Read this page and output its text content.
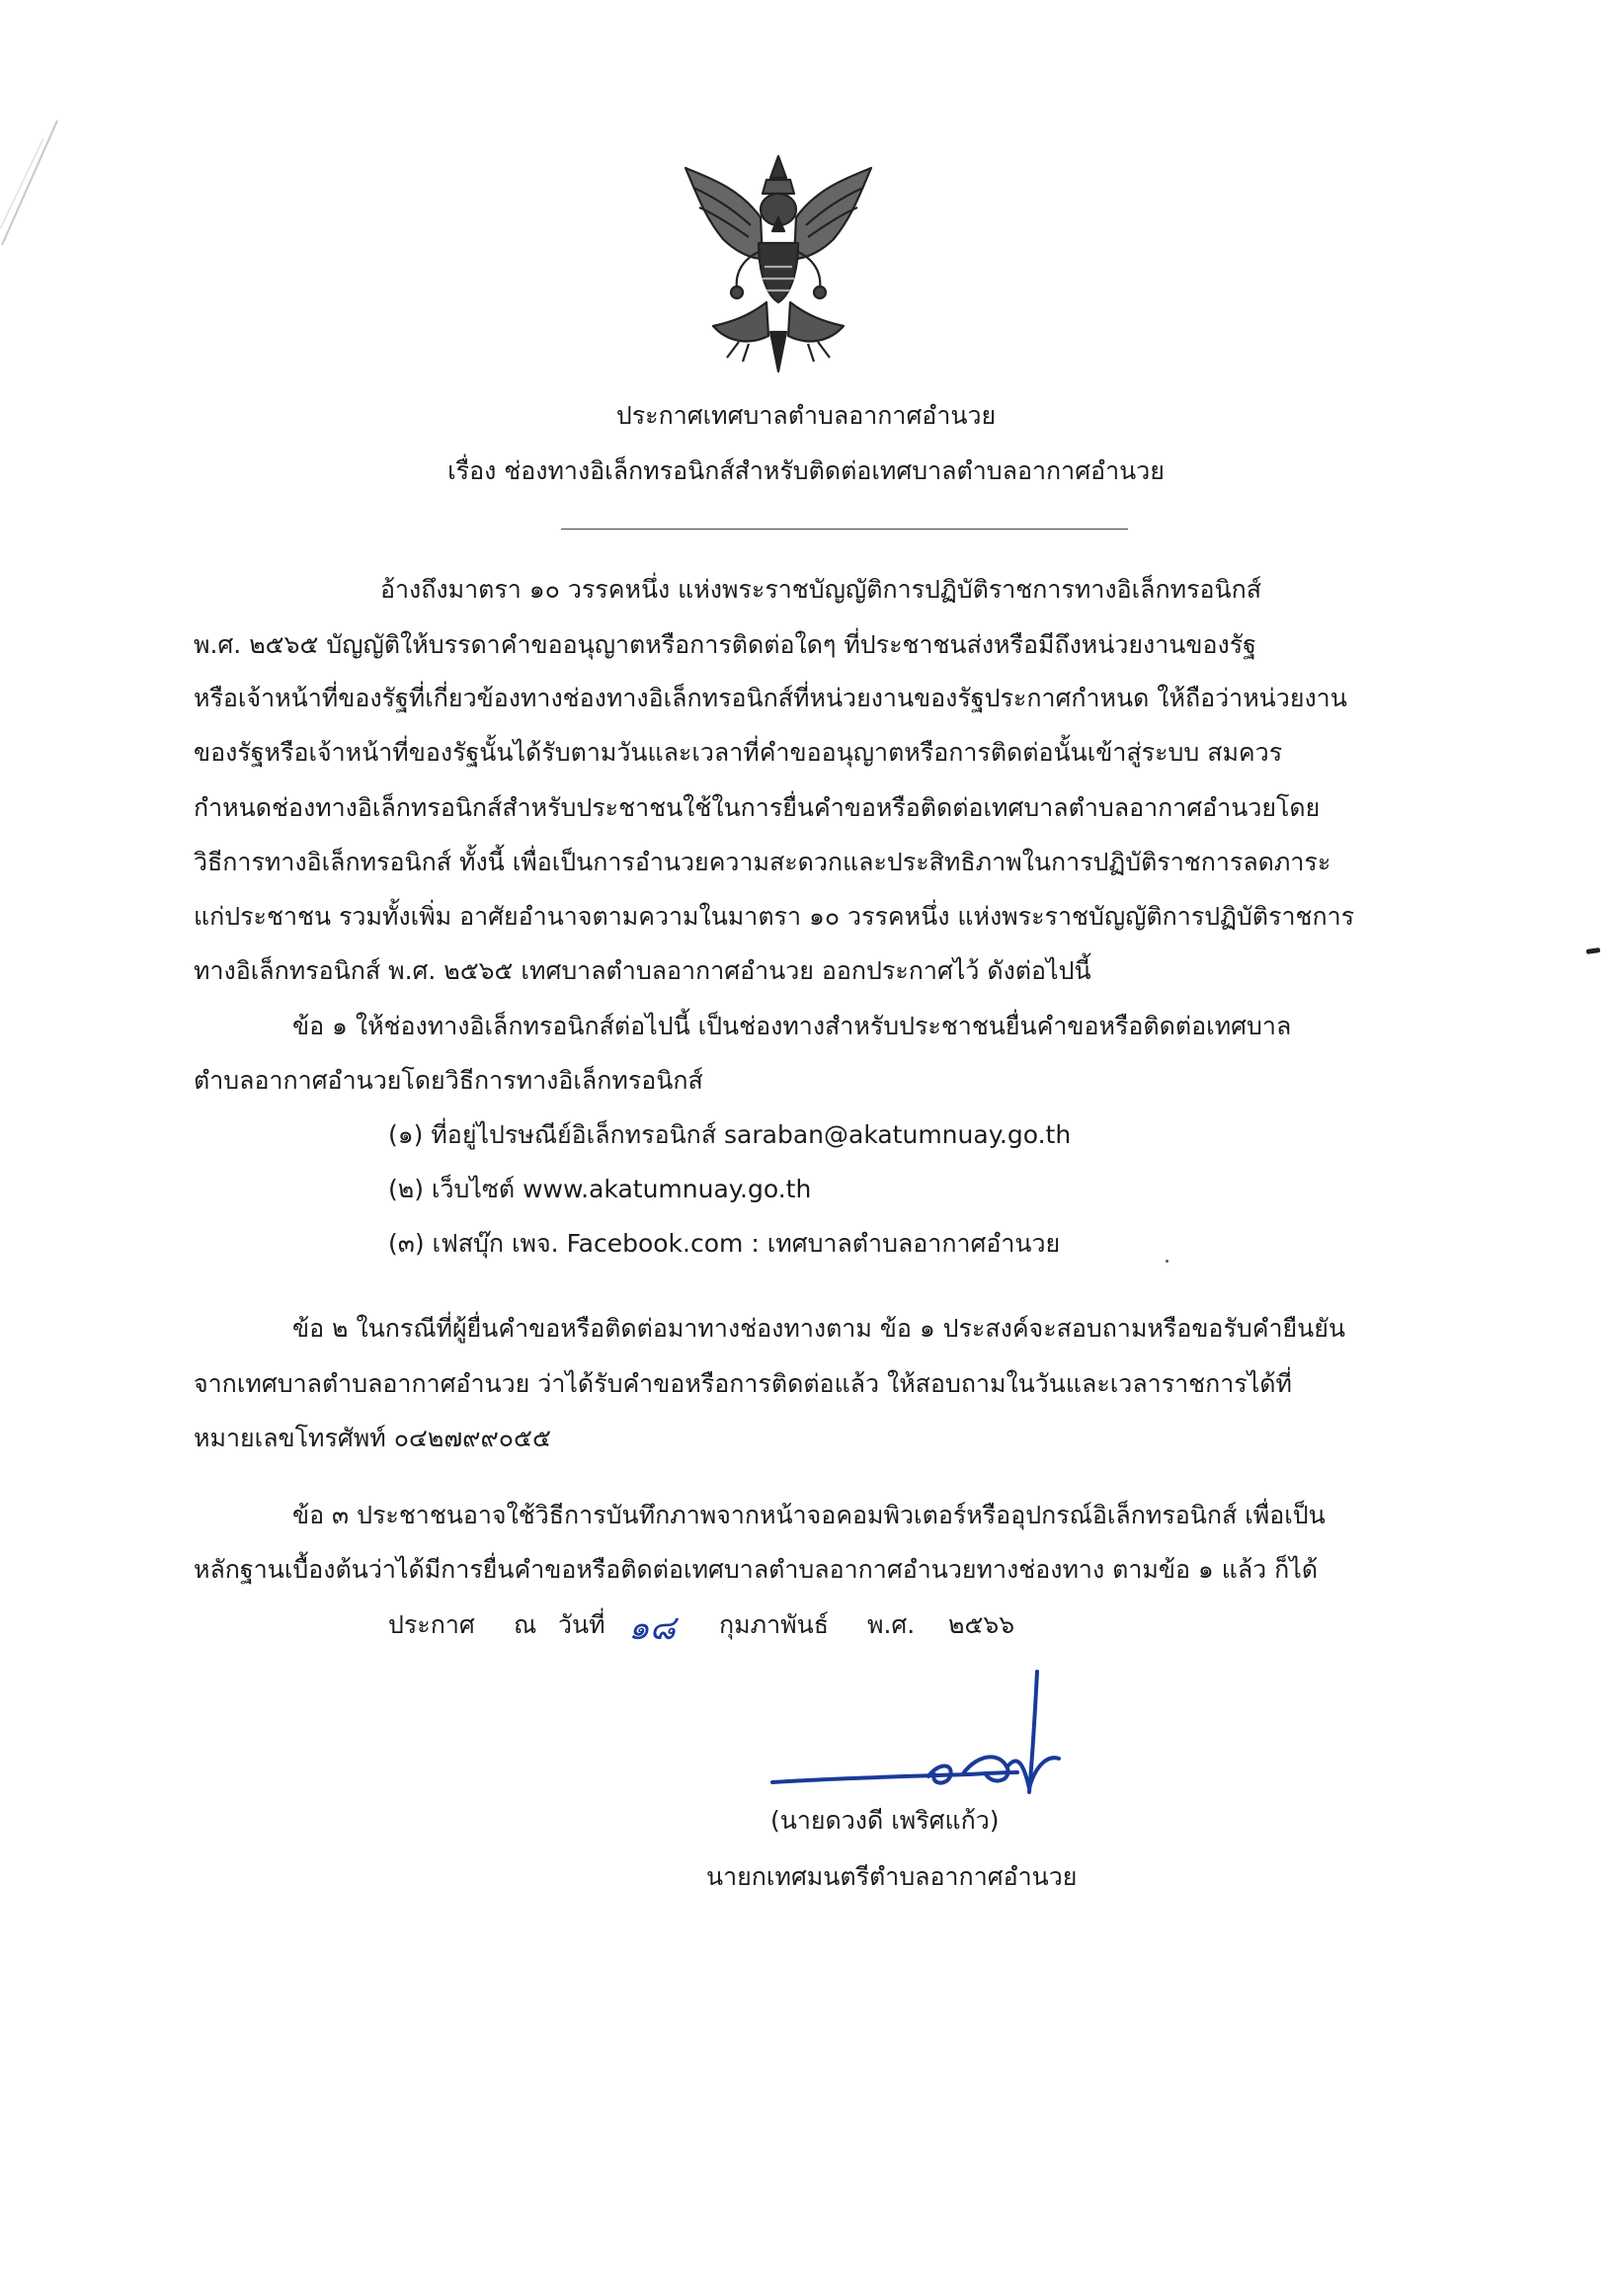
ประกาศเทศบาลตำบลอากาศอำนวย
เรื่อง ช่องทางอิเล็กทรอนิกส์สำหรับติดต่อเทศบาลตำบลอากาศอำนวย
อ้างถึงมาตรา ๑๐ วรรคหนึ่ง แห่งพระราชบัญญัติการปฏิบัติราชการทางอิเล็กทรอนิกส์
พ.ศ. ๒๕๖๕ บัญญัติให้บรรดาคำขออนุญาตหรือการติดต่อใดๆ ที่ประชาชนส่งหรือมีถึงหน่วยงานของรัฐ
หรือเจ้าหน้าที่ของรัฐที่เกี่ยวข้องทางช่องทางอิเล็กทรอนิกส์ที่หน่วยงานของรัฐประกาศกำหนด ให้ถือว่าหน่วยงาน
ของรัฐหรือเจ้าหน้าที่ของรัฐนั้นได้รับตามวันและเวลาที่คำขออนุญาตหรือการติดต่อนั้นเข้าสู่ระบบ สมควร
กำหนดช่องทางอิเล็กทรอนิกส์สำหรับประชาชนใช้ในการยื่นคำขอหรือติดต่อเทศบาลตำบลอากาศอำนวยโดย
วิธีการทางอิเล็กทรอนิกส์ ทั้งนี้ เพื่อเป็นการอำนวยความสะดวกและประสิทธิภาพในการปฏิบัติราชการลดภาระ
แก่ประชาชน รวมทั้งเพิ่ม อาศัยอำนาจตามความในมาตรา ๑๐ วรรคหนึ่ง แห่งพระราชบัญญัติการปฏิบัติราชการ
ทางอิเล็กทรอนิกส์ พ.ศ. ๒๕๖๕ เทศบาลตำบลอากาศอำนวย ออกประกาศไว้ ดังต่อไปนี้
ข้อ ๑ ให้ช่องทางอิเล็กทรอนิกส์ต่อไปนี้ เป็นช่องทางสำหรับประชาชนยื่นคำขอหรือติดต่อเทศบาล
ตำบลอากาศอำนวยโดยวิธีการทางอิเล็กทรอนิกส์
(๑) ที่อยู่ไปรษณีย์อิเล็กทรอนิกส์ saraban@akatumnuay.go.th
(๒) เว็บไซต์ www.akatumnuay.go.th
(๓) เฟสบุ๊ก เพจ. Facebook.com : เทศบาลตำบลอากาศอำนวย
ข้อ ๒ ในกรณีที่ผู้ยื่นคำขอหรือติดต่อมาทางช่องทางตาม ข้อ ๑ ประสงค์จะสอบถามหรือขอรับคำยืนยัน
จากเทศบาลตำบลอากาศอำนวย ว่าได้รับคำขอหรือการติดต่อแล้ว ให้สอบถามในวันและเวลาราชการได้ที่
หมายเลขโทรศัพท์ ๐๔๒๗๙๙๐๕๕
ข้อ ๓ ประชาชนอาจใช้วิธีการบันทึกภาพจากหน้าจอคอมพิวเตอร์หรืออุปกรณ์อิเล็กทรอนิกส์ เพื่อเป็น
หลักฐานเบื้องต้นว่าได้มีการยื่นคำขอหรือติดต่อเทศบาลตำบลอากาศอำนวยทางช่องทาง ตามข้อ ๑ แล้ว ก็ได้
ประกาศ ณ วันที่ ๑๘ กุมภาพันธ์ พ.ศ. ๒๕๖๖
(นายดวงดี เพริศแก้ว)
นายกเทศมนตรีตำบลอากาศอำนวย
